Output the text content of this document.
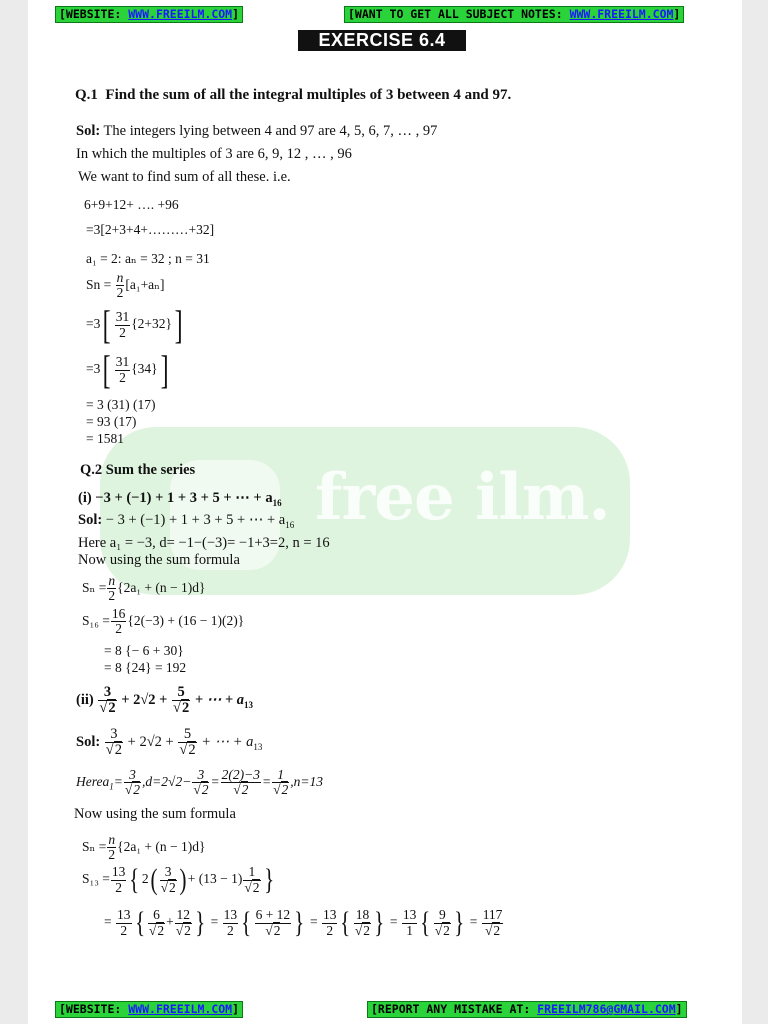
free ilm.
[WEBSITE: WWW.FREEILM.COM]	[WANT TO GET ALL SUBJECT NOTES: WWW.FREEILM.COM]
EXERCISE 6.4
Q.1  Find the sum of all the integral multiples of 3 between 4 and 97.
Sol: The integers lying between 4 and 97 are 4, 5, 6, 7, … , 97
In which the multiples of 3 are 6, 9, 12 , … , 96
We want to find sum of all these. i.e.
6+9+12+ …. +96
=3[2+3+4+………+32]
a₁ = 2: aₙ = 32 ; n = 31
$Sn = \frac{n}{2} [a_1+a_n]$
$=3[ \frac{31}{2} \{2+32\}]$
$=3[ \frac{31}{2} \{34\}]$
= 3 (31) (17)
= 93 (17)
= 1581
Q.2 Sum the series
(i) −3 + (−1) + 1 + 3 + 5 + ⋯ + $a_{16}$
Sol: − 3 + (−1) + 1 + 3 + 5 + ⋯ + $a_{16}$
Here a₁ = −3, d= −1−(−3)= −1+3=2, n = 16
Now using the sum formula
$S_n = \frac{n}{2} \{2a_1 + (n - 1)d\}$
$S_{16} = \frac{16}{2} \{2(-3) + (16 - 1)(2)\}$
= 8 {− 6 + 30}
= 8 {24} = 192
$(ii) \frac{3}{√2} + 2√2 + \frac{5}{√2}$ + ⋯ + $a_{13}$
Sol: $\frac{3}{√2} + 2√2 + \frac{5}{√2}$ + ⋯ + $a_{13}$
Herea$_1$= $\frac{3}{√2} ,d=2√2- \frac{3}{√2} = \frac{2(2)-3}{√2} = \frac{1}{√2} ,n=13$
Now using the sum formula
$S_n = \frac{n}{2} \{2a_1 + (n - 1)d\}$
$S_{13} = \frac{13}{2}$ { $2( \frac{3}{√2}$ ) + $(13 - 1) \frac{1}{√2}$ }
= $\frac{13}{2}$ { $\frac{6}{√2} + \frac{12}{√2}$ } = $\frac{13}{2}$ { $\frac{6 + 12}{√2}$ } = $\frac{13}{2}$ { $\frac{18}{√2}$ } = $\frac{13}{1}$ { $\frac{9}{√2}$ } = $\frac{117}{√2}$
[WEBSITE: WWW.FREEILM.COM]	[REPORT ANY MISTAKE AT: FREEILM786@GMAIL.COM]
